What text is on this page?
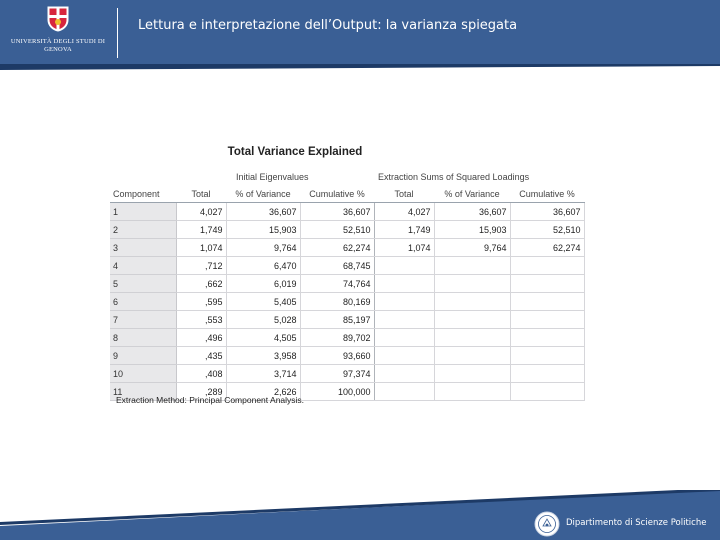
UNIVERSITÀ DEGLI STUDI DI GENOVA
Lettura e interpretazione dell’Output: la varianza spiegata
Total Variance Explained
	Initial Eigenvalues			Extraction Sums of Squared Loadings		
Component	Total	% of Variance	Cumulative %	Total	% of Variance	Cumulative %
1	4,027	36,607	36,607	4,027	36,607	36,607
2	1,749	15,903	52,510	1,749	15,903	52,510
3	1,074	9,764	62,274	1,074	9,764	62,274
4	,712	6,470	68,745			
5	,662	6,019	74,764			
6	,595	5,405	80,169			
7	,553	5,028	85,197			
8	,496	4,505	89,702			
9	,435	3,958	93,660			
10	,408	3,714	97,374			
11	,289	2,626	100,000			
Extraction Method: Principal Component Analysis.
Dipartimento di Scienze Politiche
